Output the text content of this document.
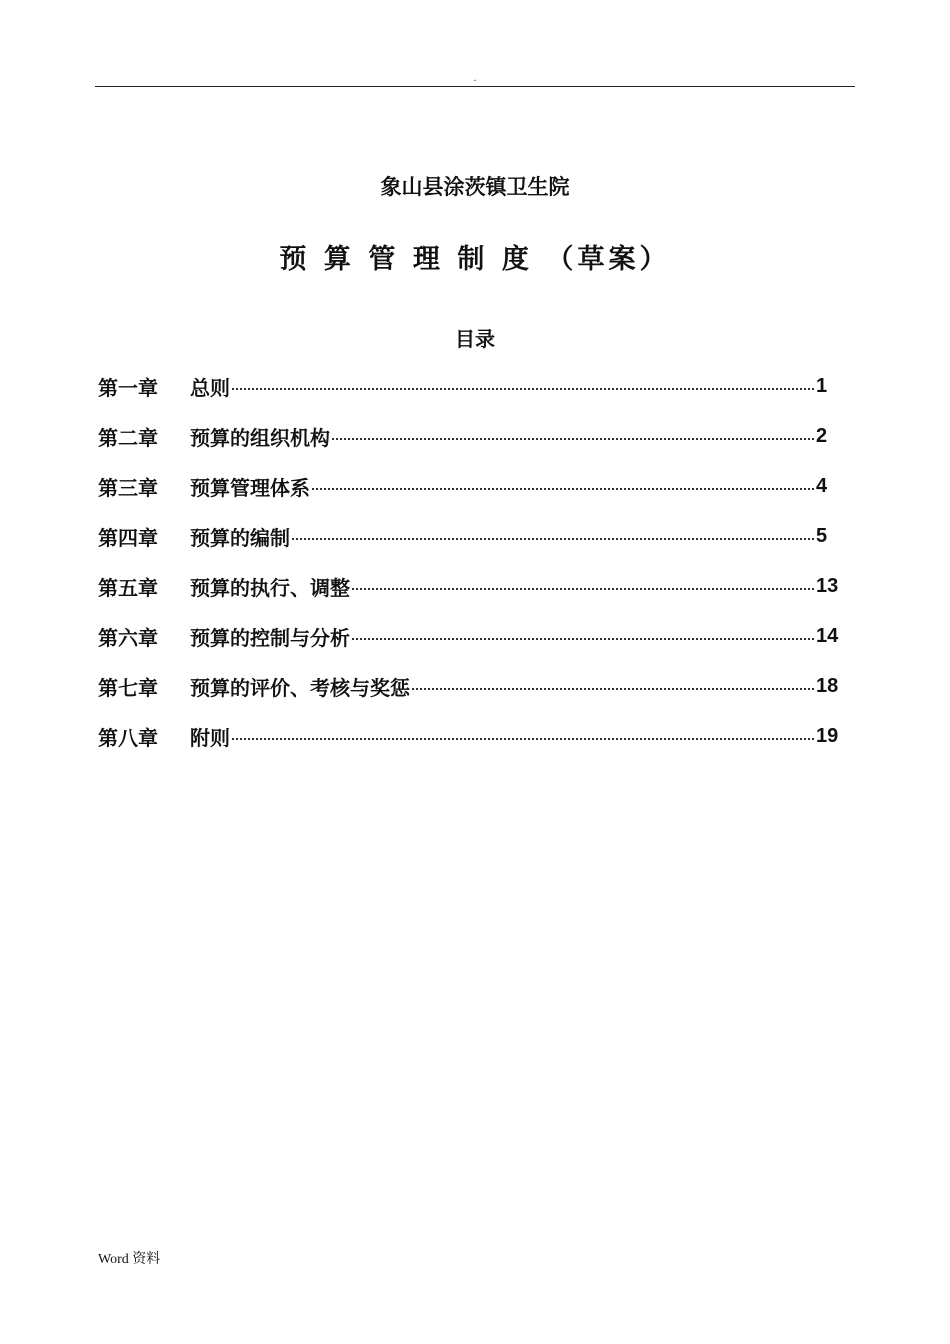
.
象山县涂茨镇卫生院
预 算 管 理 制 度 （草案）
目录
第一章	总则	1
第二章	预算的组织机构	2
第三章	预算管理体系	4
第四章	预算的编制	5
第五章	预算的执行、调整	13
第六章	预算的控制与分析	14
第七章	预算的评价、考核与奖惩	18
第八章	附则	19
Word 资料
